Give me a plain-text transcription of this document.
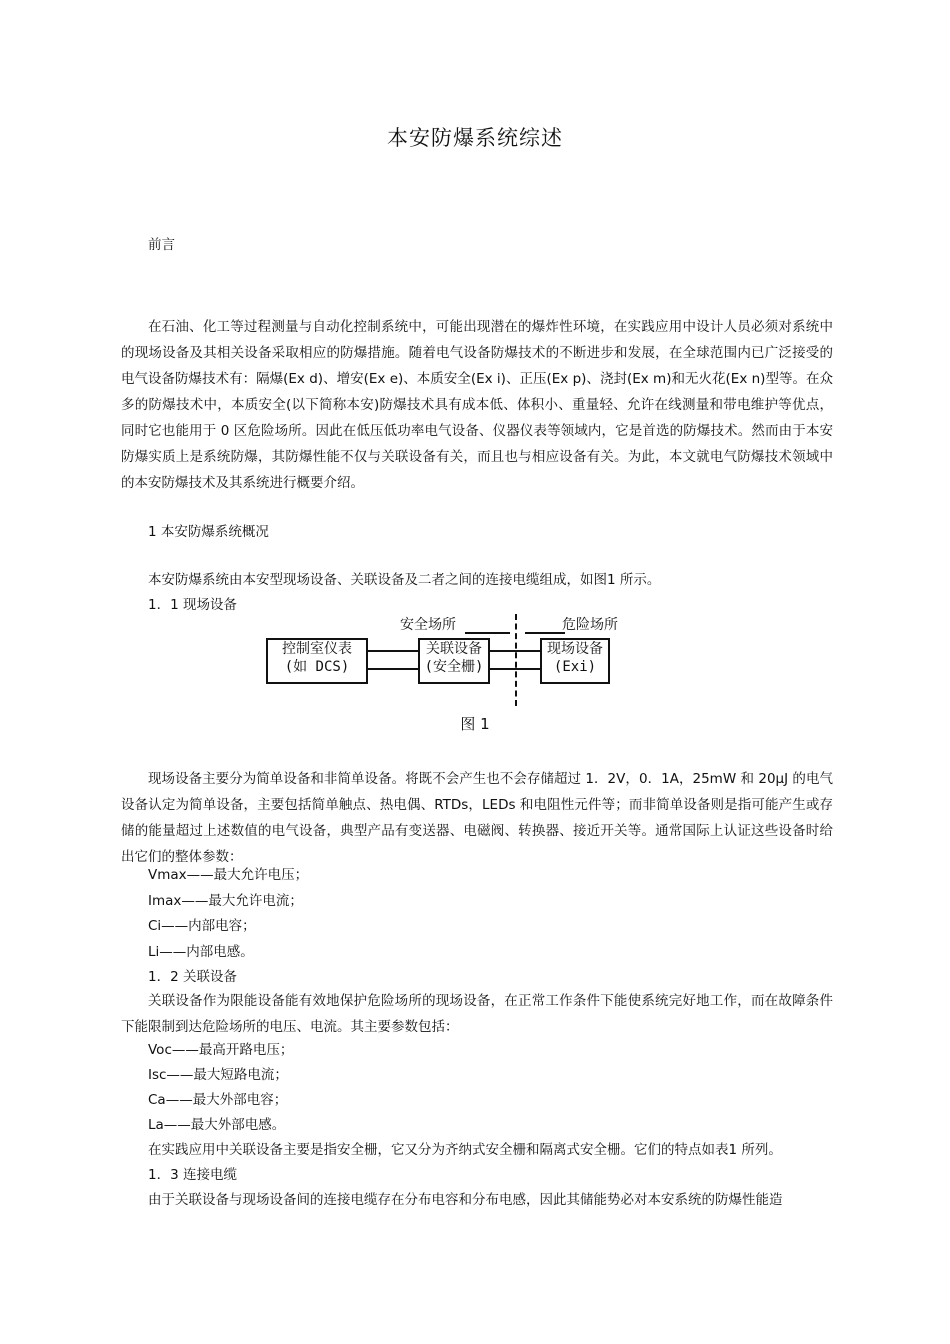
本安防爆系统综述
前言
在石油、化工等过程测量与自动化控制系统中，可能出现潜在的爆炸性环境，在实践应用中设计人员必须对系统中的现场设备及其相关设备采取相应的防爆措施。随着电气设备防爆技术的不断进步和发展，在全球范围内已广泛接受的电气设备防爆技术有：隔爆(Ex d)、增安(Ex e)、本质安全(Ex i)、正压(Ex p)、浇封(Ex m)和无火花(Ex n)型等。在众多的防爆技术中，本质安全(以下简称本安)防爆技术具有成本低、体积小、重量轻、允许在线测量和带电维护等优点，同时它也能用于 0 区危险场所。因此在低压低功率电气设备、仪器仪表等领域内，它是首选的防爆技术。然而由于本安防爆实质上是系统防爆，其防爆性能不仅与关联设备有关，而且也与相应设备有关。为此，本文就电气防爆技术领域中的本安防爆技术及其系统进行概要介绍。
1 本安防爆系统概况
本安防爆系统由本安型现场设备、关联设备及二者之间的连接电缆组成，如图1 所示。
1．1 现场设备
安全场所	危险场所
控制室仪表
(如 DCS)
关联设备
(安全栅)
现场设备
(Exi)
图 1
现场设备主要分为简单设备和非简单设备。将既不会产生也不会存储超过 1．2V，0．1A，25mW 和 20μJ 的电气设备认定为简单设备，主要包括简单触点、热电偶、RTDs，LEDs 和电阻性元件等；而非简单设备则是指可能产生或存储的能量超过上述数值的电气设备，典型产品有变送器、电磁阀、转换器、接近开关等。通常国际上认证这些设备时给出它们的整体参数：
Vmax——最大允许电压；
Imax——最大允许电流；
Ci——内部电容；
Li——内部电感。
1．2 关联设备
关联设备作为限能设备能有效地保护危险场所的现场设备，在正常工作条件下能使系统完好地工作，而在故障条件下能限制到达危险场所的电压、电流。其主要参数包括：
Voc——最高开路电压；
Isc——最大短路电流；
Ca——最大外部电容；
La——最大外部电感。
在实践应用中关联设备主要是指安全栅，它又分为齐纳式安全栅和隔离式安全栅。它们的特点如表1 所列。
1．3 连接电缆
由于关联设备与现场设备间的连接电缆存在分布电容和分布电感，因此其储能势必对本安系统的防爆性能造
